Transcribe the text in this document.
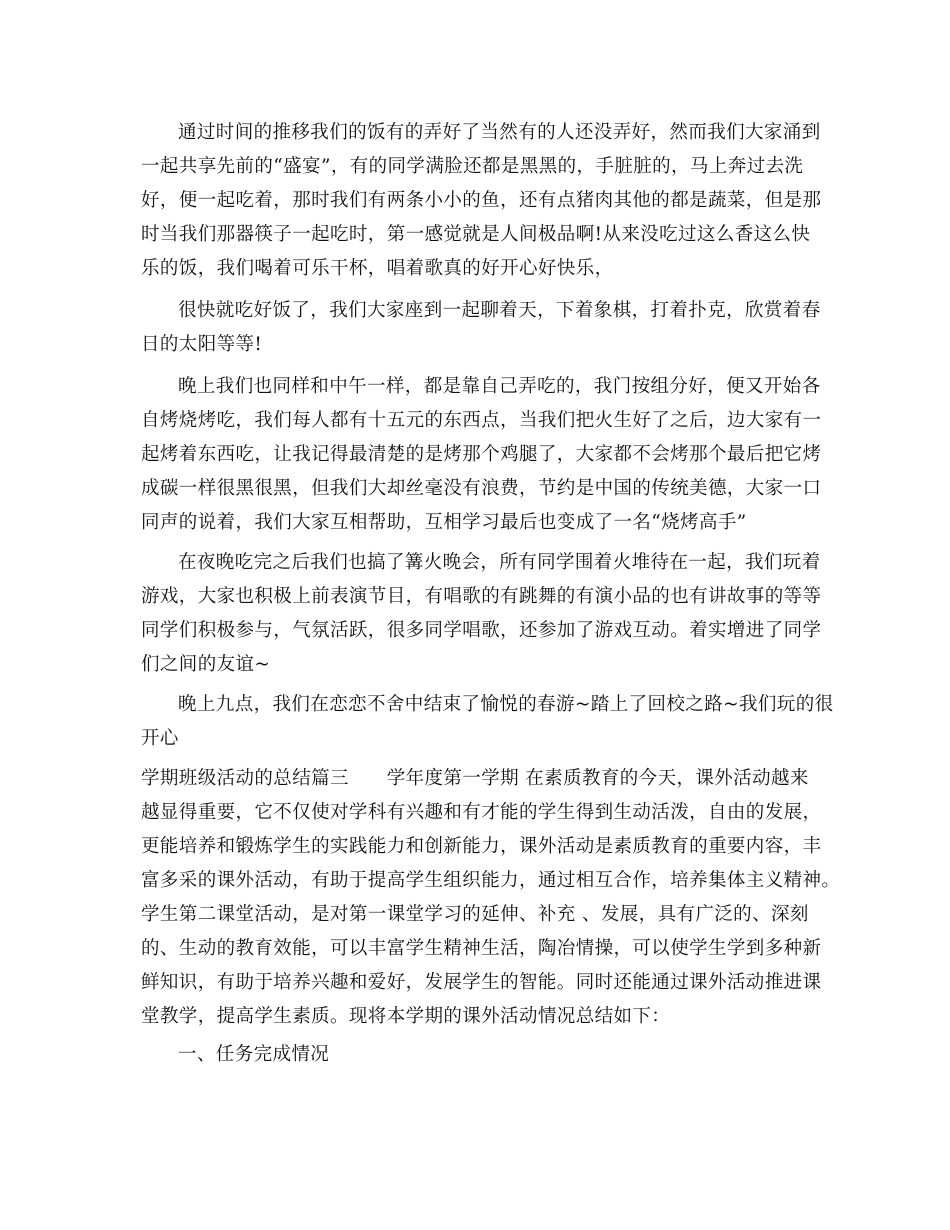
通过时间的推移我们的饭有的弄好了当然有的人还没弄好，然而我们大家涌到
一起共享先前的“盛宴”，有的同学满脸还都是黑黑的，手脏脏的，马上奔过去洗
好，便一起吃着，那时我们有两条小小的鱼，还有点猪肉其他的都是蔬菜，但是那
时当我们那器筷子一起吃时，第一感觉就是人间极品啊!从来没吃过这么香这么快
乐的饭，我们喝着可乐干杯，唱着歌真的好开心好快乐，
很快就吃好饭了，我们大家座到一起聊着天，下着象棋，打着扑克，欣赏着春
日的太阳等等!
晚上我们也同样和中午一样，都是靠自己弄吃的，我门按组分好，便又开始各
自烤烧烤吃，我们每人都有十五元的东西点，当我们把火生好了之后，边大家有一
起烤着东西吃，让我记得最清楚的是烤那个鸡腿了，大家都不会烤那个最后把它烤
成碳一样很黑很黑，但我们大却丝毫没有浪费，节约是中国的传统美德，大家一口
同声的说着，我们大家互相帮助，互相学习最后也变成了一名“烧烤高手”
在夜晚吃完之后我们也搞了篝火晚会，所有同学围着火堆待在一起，我们玩着
游戏，大家也积极上前表演节目，有唱歌的有跳舞的有演小品的也有讲故事的等等
同学们积极参与，气氛活跃，很多同学唱歌，还参加了游戏互动。着实增进了同学
们之间的友谊~
晚上九点，我们在恋恋不舍中结束了愉悦的春游~踏上了回校之路~我们玩的很
开心
学期班级活动的总结篇三　　学年度第一学期 在素质教育的今天，课外活动越来
越显得重要，它不仅使对学科有兴趣和有才能的学生得到生动活泼，自由的发展，
更能培养和锻炼学生的实践能力和创新能力，课外活动是素质教育的重要内容，丰
富多采的课外活动，有助于提高学生组织能力，通过相互合作，培养集体主义精神。
学生第二课堂活动，是对第一课堂学习的延伸、补充 、发展，具有广泛的、深刻
的、生动的教育效能，可以丰富学生精神生活，陶冶情操，可以使学生学到多种新
鲜知识，有助于培养兴趣和爱好，发展学生的智能。同时还能通过课外活动推进课
堂教学，提高学生素质。现将本学期的课外活动情况总结如下：
一、任务完成情况
